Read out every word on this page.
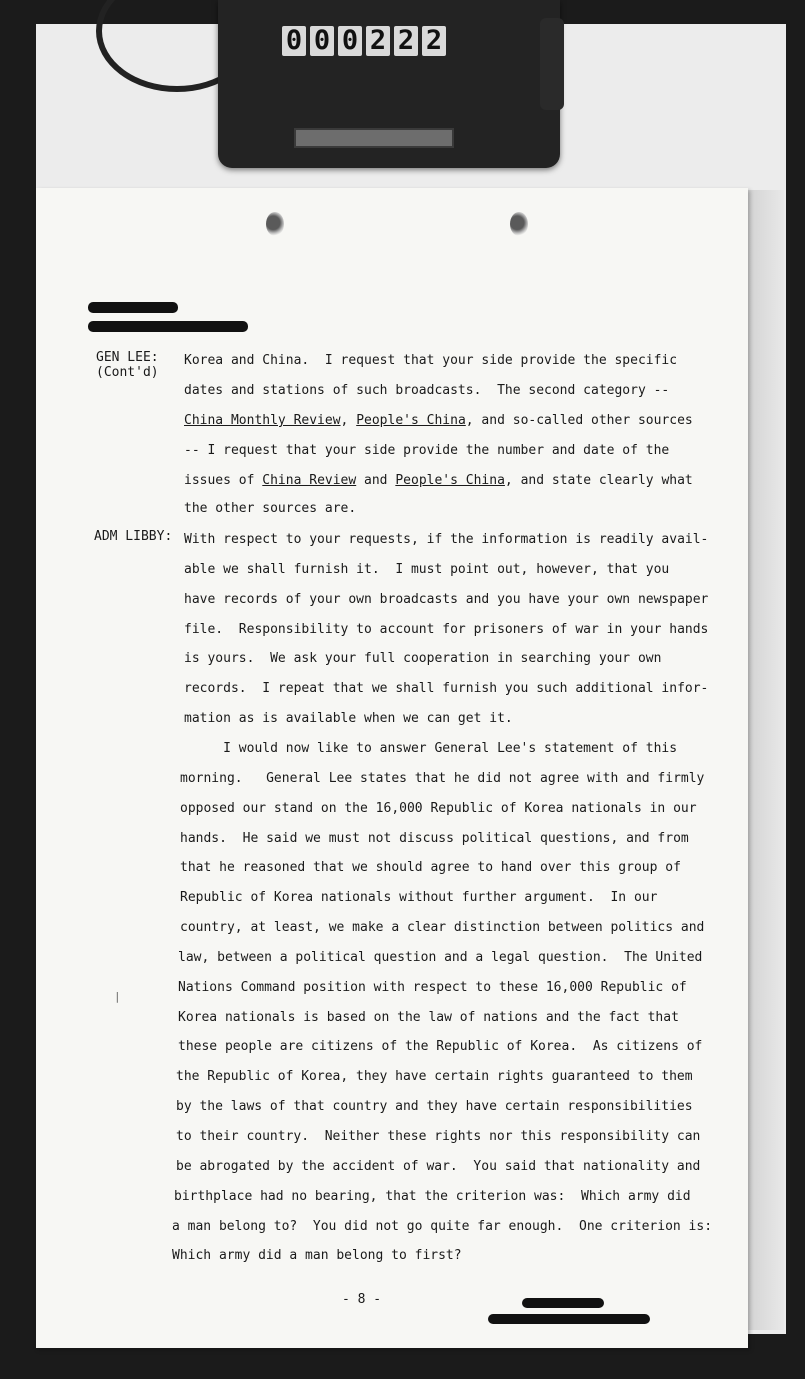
0 0 0 2 2 2
GEN LEE:
(Cont'd)
Korea and China.  I request that your side provide the specific
dates and stations of such broadcasts.  The second category --
China Monthly Review, People's China, and so-called other sources
-- I request that your side provide the number and date of the
issues of China Review and People's China, and state clearly what
the other sources are.
ADM LIBBY: With respect to your requests, if the information is readily avail-
able we shall furnish it.  I must point out, however, that you
have records of your own broadcasts and you have your own newspaper
file.  Responsibility to account for prisoners of war in your hands
is yours.  We ask your full cooperation in searching your own
records.  I repeat that we shall furnish you such additional infor-
mation as is available when we can get it.
I would now like to answer General Lee's statement of this
morning.   General Lee states that he did not agree with and firmly
opposed our stand on the 16,000 Republic of Korea nationals in our
hands.  He said we must not discuss political questions, and from
that he reasoned that we should agree to hand over this group of
Republic of Korea nationals without further argument.  In our
country, at least, we make a clear distinction between politics and
law, between a political question and a legal question.  The United
Nations Command position with respect to these 16,000 Republic of
Korea nationals is based on the law of nations and the fact that
these people are citizens of the Republic of Korea.  As citizens of
the Republic of Korea, they have certain rights guaranteed to them
by the laws of that country and they have certain responsibilities
to their country.  Neither these rights nor this responsibility can
be abrogated by the accident of war.  You said that nationality and
birthplace had no bearing, that the criterion was:  Which army did
a man belong to?  You did not go quite far enough.  One criterion is:
Which army did a man belong to first?
|
- 8 -
